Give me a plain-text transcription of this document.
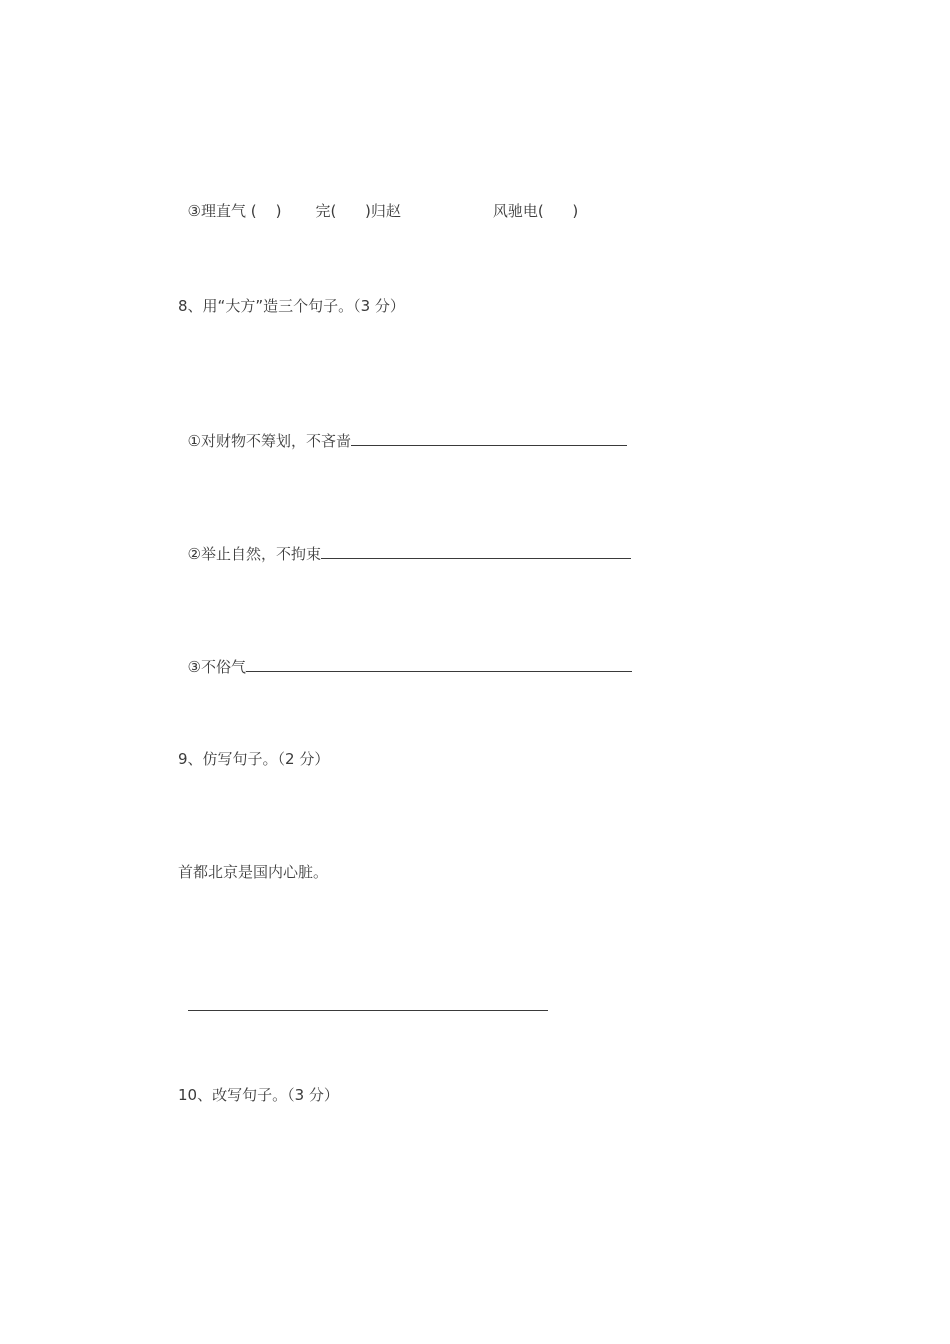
③理直气 (    ) 完(      )归赵	风驰电(      )

8、用“大方”造三个句子。（3 分）

①对财物不筹划，不吝啬

②举止自然，不拘束

③不俗气

9、仿写句子。（2 分）
首都北京是国内心脏。

10、改写句子。（3 分）
